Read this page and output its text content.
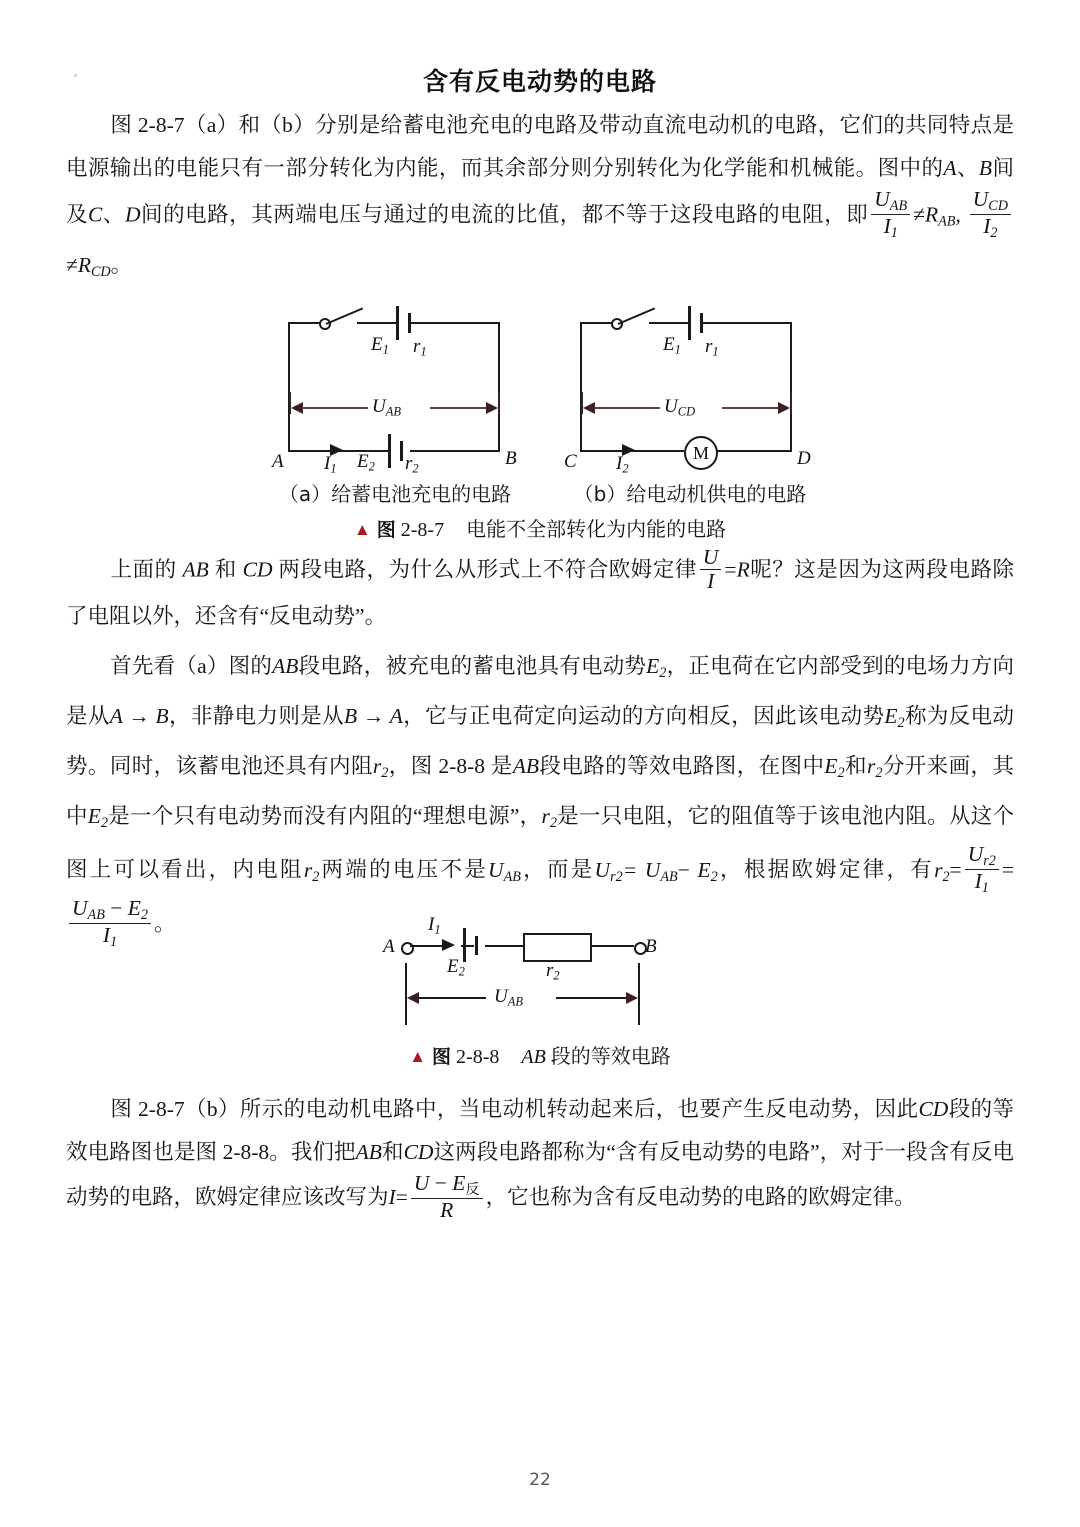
含有反电动势的电路
图 2-8-7（a）和（b）分别是给蓄电池充电的电路及带动直流电动机的电路，它们的共同特点是电源输出的电能只有一部分转化为内能，而其余部分则分别转化为化学能和机械能。图中的A、B间及C、D间的电路，其两端电压与通过的电流的比值，都不等于这段电路的电阻，即 $\frac{U_{AB}}{I_1} \ne R_{AB}$, $\frac{U_{CD}}{I_2}$
$\ne R_{CD}$。
$E_1$ $r_1$
$E_2$ $r_2$
$I_1$
A	B
$U_{AB}$
（a）给蓄电池充电的电路
$E_1$ $r_1$
M
$I_2$
C	D
$U_{CD}$
（b）给电动机供电的电路
▲ 图 2-8-7 电能不全部转化为内能的电路
上面的 AB 和 CD 两段电路，为什么从形式上不符合欧姆定律 $\frac{U}{I} =R$呢？这是因为这两段电路除了电阻以外，还含有“反电动势”。
首先看（a）图的AB段电路，被充电的蓄电池具有电动势$E_2$，正电荷在它内部受到的电场力方向是从A → B，非静电力则是从B → A，它与正电荷定向运动的方向相反，因此该电动势$E_2$称为反电动势。同时，该蓄电池还具有内阻$r_2$，图 2-8-8 是AB段电路的等效电路图，在图中$E_2$和$r_2$分开来画，其中$E_2$是一个只有电动势而没有内阻的“理想电源”，$r_2$是一只电阻，它的阻值等于该电池内阻。从这个图上可以看出，内电阻$r_2$两端的电压不是$U_{AB}$，而是$U_{r2}= U_{AB}- E_2$，根据欧姆定律，有$r_2= \frac{U_{r2}}{I_1}$ =
$\frac{U_{AB} - E_2}{I_1}$ 。
A	B
$I_1$
$E_2$	$r_2$
$U_{AB}$
▲ 图 2-8-8 AB 段的等效电路
图 2-8-7（b）所示的电动机电路中，当电动机转动起来后，也要产生反电动势，因此CD段的等效电路图也是图 2-8-8。我们把AB和CD这两段电路都称为“含有反电动势的电路”，对于一段含有反电动势的电路，欧姆定律应该改写为$I= \frac{U - E_反}{R}$ ，它也称为含有反电动势的电路的欧姆定律。
22
